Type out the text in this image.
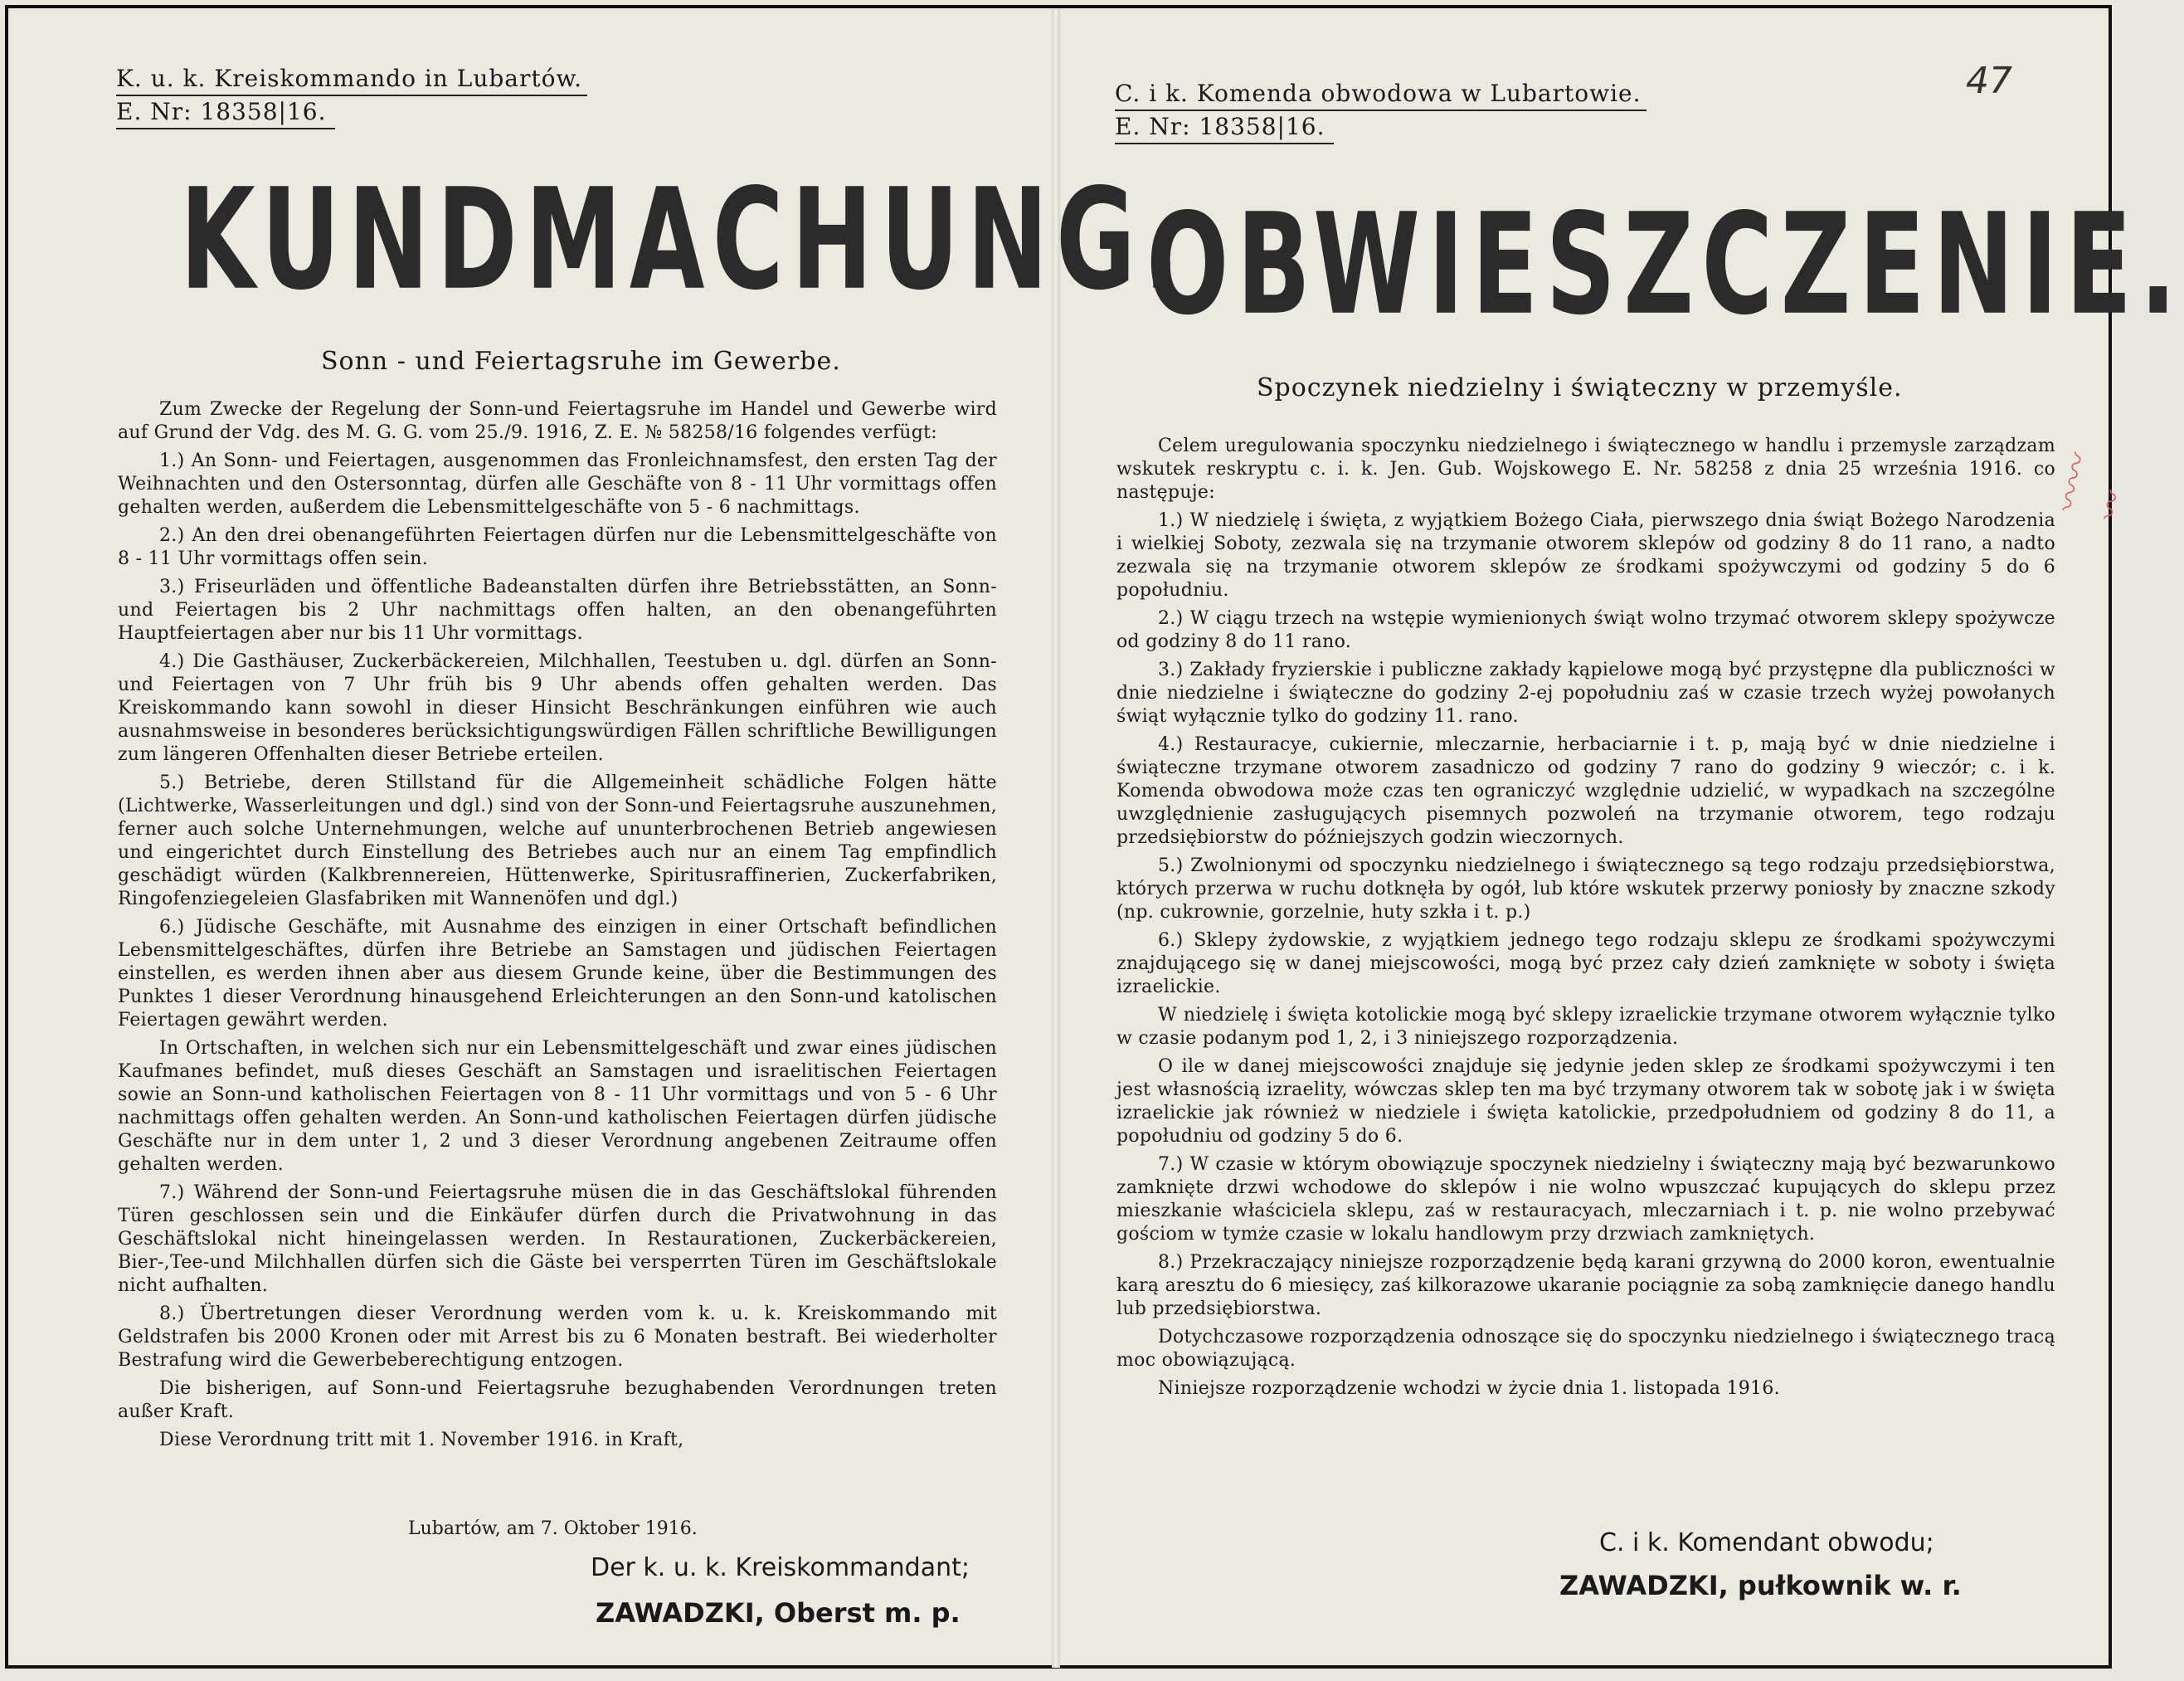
K. u. k. Kreiskommando in Lubartów.
E. Nr: 18358|16.
KUNDMACHUNG.
Sonn - und Feiertagsruhe im Gewerbe.

Zum Zwecke der Regelung der Sonn-und Feiertagsruhe im Handel und Gewerbe wird auf Grund der Vdg. des M. G. G. vom 25./9. 1916, Z. E. № 58258/16 folgendes verfügt:

1.) An Sonn- und Feiertagen, ausgenommen das Fronleichnamsfest, den ersten Tag der Weihnachten und den Ostersonntag, dürfen alle Geschäfte von 8 - 11 Uhr vormittags offen gehalten werden, außerdem die Lebensmittelgeschäfte von 5 - 6 nachmittags.

2.) An den drei obenangeführten Feiertagen dürfen nur die Lebensmittelgeschäfte von 8 - 11 Uhr vormittags offen sein.

3.) Friseurläden und öffentliche Badeanstalten dürfen ihre Betriebsstätten, an Sonn-und Feiertagen bis 2 Uhr nachmittags offen halten, an den obenangeführten Hauptfeiertagen aber nur bis 11 Uhr vormittags.

4.) Die Gasthäuser, Zuckerbäckereien, Milchhallen, Teestuben u. dgl. dürfen an Sonn-und Feiertagen von 7 Uhr früh bis 9 Uhr abends offen gehalten werden. Das Kreiskommando kann sowohl in dieser Hinsicht Beschränkungen einführen wie auch ausnahmsweise in besonderes berücksichtigungswürdigen Fällen schriftliche Bewilligungen zum längeren Offenhalten dieser Betriebe erteilen.

5.) Betriebe, deren Stillstand für die Allgemeinheit schädliche Folgen hätte (Lichtwerke, Wasserleitungen und dgl.) sind von der Sonn-und Feiertagsruhe auszunehmen, ferner auch solche Unternehmungen, welche auf ununterbrochenen Betrieb angewiesen und eingerichtet durch Einstellung des Betriebes auch nur an einem Tag empfindlich geschädigt würden (Kalkbrennereien, Hüttenwerke, Spiritusraffinerien, Zuckerfabriken, Ringofenziegeleien Glasfabriken mit Wannenöfen und dgl.)

6.) Jüdische Geschäfte, mit Ausnahme des einzigen in einer Ortschaft befindlichen Lebensmittelgeschäftes, dürfen ihre Betriebe an Samstagen und jüdischen Feiertagen einstellen, es werden ihnen aber aus diesem Grunde keine, über die Bestimmungen des Punktes 1 dieser Verordnung hinausgehend Erleichterungen an den Sonn-und katolischen Feiertagen gewährt werden.

In Ortschaften, in welchen sich nur ein Lebensmittelgeschäft und zwar eines jüdischen Kaufmanes befindet, muß dieses Geschäft an Samstagen und israelitischen Feiertagen sowie an Sonn-und katholischen Feiertagen von 8 - 11 Uhr vormittags und von 5 - 6 Uhr nachmittags offen gehalten werden. An Sonn-und katholischen Feiertagen dürfen jüdische Geschäfte nur in dem unter 1, 2 und 3 dieser Verordnung angebenen Zeitraume offen gehalten werden.

7.) Während der Sonn-und Feiertagsruhe müsen die in das Geschäftslokal führenden Türen geschlossen sein und die Einkäufer dürfen durch die Privatwohnung in das Geschäftslokal nicht hineingelassen werden. In Restaurationen, Zuckerbäckereien, Bier-,Tee-und Milchhallen dürfen sich die Gäste bei versperrten Türen im Geschäftslokale nicht aufhalten.

8.) Übertretungen dieser Verordnung werden vom k. u. k. Kreiskommando mit Geldstrafen bis 2000 Kronen oder mit Arrest bis zu 6 Monaten bestraft. Bei wiederholter Bestrafung wird die Gewerbeberechtigung entzogen.

Die bisherigen, auf Sonn-und Feiertagsruhe bezughabenden Verordnungen treten außer Kraft.

Diese Verordnung tritt mit 1. November 1916. in Kraft,

Lubartów, am 7. Oktober 1916.
Der k. u. k. Kreiskommandant;
ZAWADZKI, Oberst m. p.
47
C. i k. Komenda obwodowa w Lubartowie.
E. Nr: 18358|16.
OBWIESZCZENIE.
Spoczynek niedzielny i świąteczny w przemyśle.

Celem uregulowania spoczynku niedzielnego i świątecznego w handlu i przemysle zarządzam wskutek reskryptu c. i. k. Jen. Gub. Wojskowego E. Nr. 58258 z dnia 25 września 1916. co następuje:

1.) W niedzielę i święta, z wyjątkiem Bożego Ciała, pierwszego dnia świąt Bożego Narodzenia i wielkiej Soboty, zezwala się na trzymanie otworem sklepów od godziny 8 do 11 rano, a nadto zezwala się na trzymanie otworem sklepów ze środkami spożywczymi od godziny 5 do 6 popołudniu.

2.) W ciągu trzech na wstępie wymienionych świąt wolno trzymać otworem sklepy spożywcze od godziny 8 do 11 rano.

3.) Zakłady fryzierskie i publiczne zakłady kąpielowe mogą być przystępne dla publiczności w dnie niedzielne i świąteczne do godziny 2-ej popołudniu zaś w czasie trzech wyżej powołanych świąt wyłącznie tylko do godziny 11. rano.

4.) Restauracye, cukiernie, mleczarnie, herbaciarnie i t. p, mają być w dnie niedzielne i świąteczne trzymane otworem zasadniczo od godziny 7 rano do godziny 9 wieczór; c. i k. Komenda obwodowa może czas ten ograniczyć względnie udzielić, w wypadkach na szczególne uwzględnienie zasługujących pisemnych pozwoleń na trzymanie otworem, tego rodzaju przedsiębiorstw do późniejszych godzin wieczornych.

5.) Zwolnionymi od spoczynku niedzielnego i świątecznego są tego rodzaju przedsiębiorstwa, których przerwa w ruchu dotknęła by ogół, lub które wskutek przerwy poniosły by znaczne szkody (np. cukrownie, gorzelnie, huty szkła i t. p.)

6.) Sklepy żydowskie, z wyjątkiem jednego tego rodzaju sklepu ze środkami spożywczymi znajdującego się w danej miejscowości, mogą być przez cały dzień zamknięte w soboty i święta izraelickie.

W niedzielę i święta kotolickie mogą być sklepy izraelickie trzymane otworem wyłącznie tylko w czasie podanym pod 1, 2, i 3 niniejszego rozporządzenia.

O ile w danej miejscowości znajduje się jedynie jeden sklep ze środkami spożywczymi i ten jest własnością izraelity, wówczas sklep ten ma być trzymany otworem tak w sobotę jak i w święta izraelickie jak również w niedziele i święta katolickie, przedpołudniem od godziny 8 do 11, a popołudniu od godziny 5 do 6.

7.) W czasie w którym obowiązuje spoczynek niedzielny i świąteczny mają być bezwarunkowo zamknięte drzwi wchodowe do sklepów i nie wolno wpuszczać kupujących do sklepu przez mieszkanie właściciela sklepu, zaś w restauracyach, mleczarniach i t. p. nie wolno przebywać gościom w tymże czasie w lokalu handlowym przy drzwiach zamkniętych.

8.) Przekraczający niniejsze rozporządzenie będą karani grzywną do 2000 koron, ewentualnie karą aresztu do 6 miesięcy, zaś kilkorazowe ukaranie pociągnie za sobą zamknięcie danego handlu lub przedsiębiorstwa.

Dotychczasowe rozporządzenia odnoszące się do spoczynku niedzielnego i świątecznego tracą moc obowiązującą.

Niniejsze rozporządzenie wchodzi w życie dnia 1. listopada 1916.

C. i k. Komendant obwodu;
ZAWADZKI, pułkownik w. r.
〰〰〰
